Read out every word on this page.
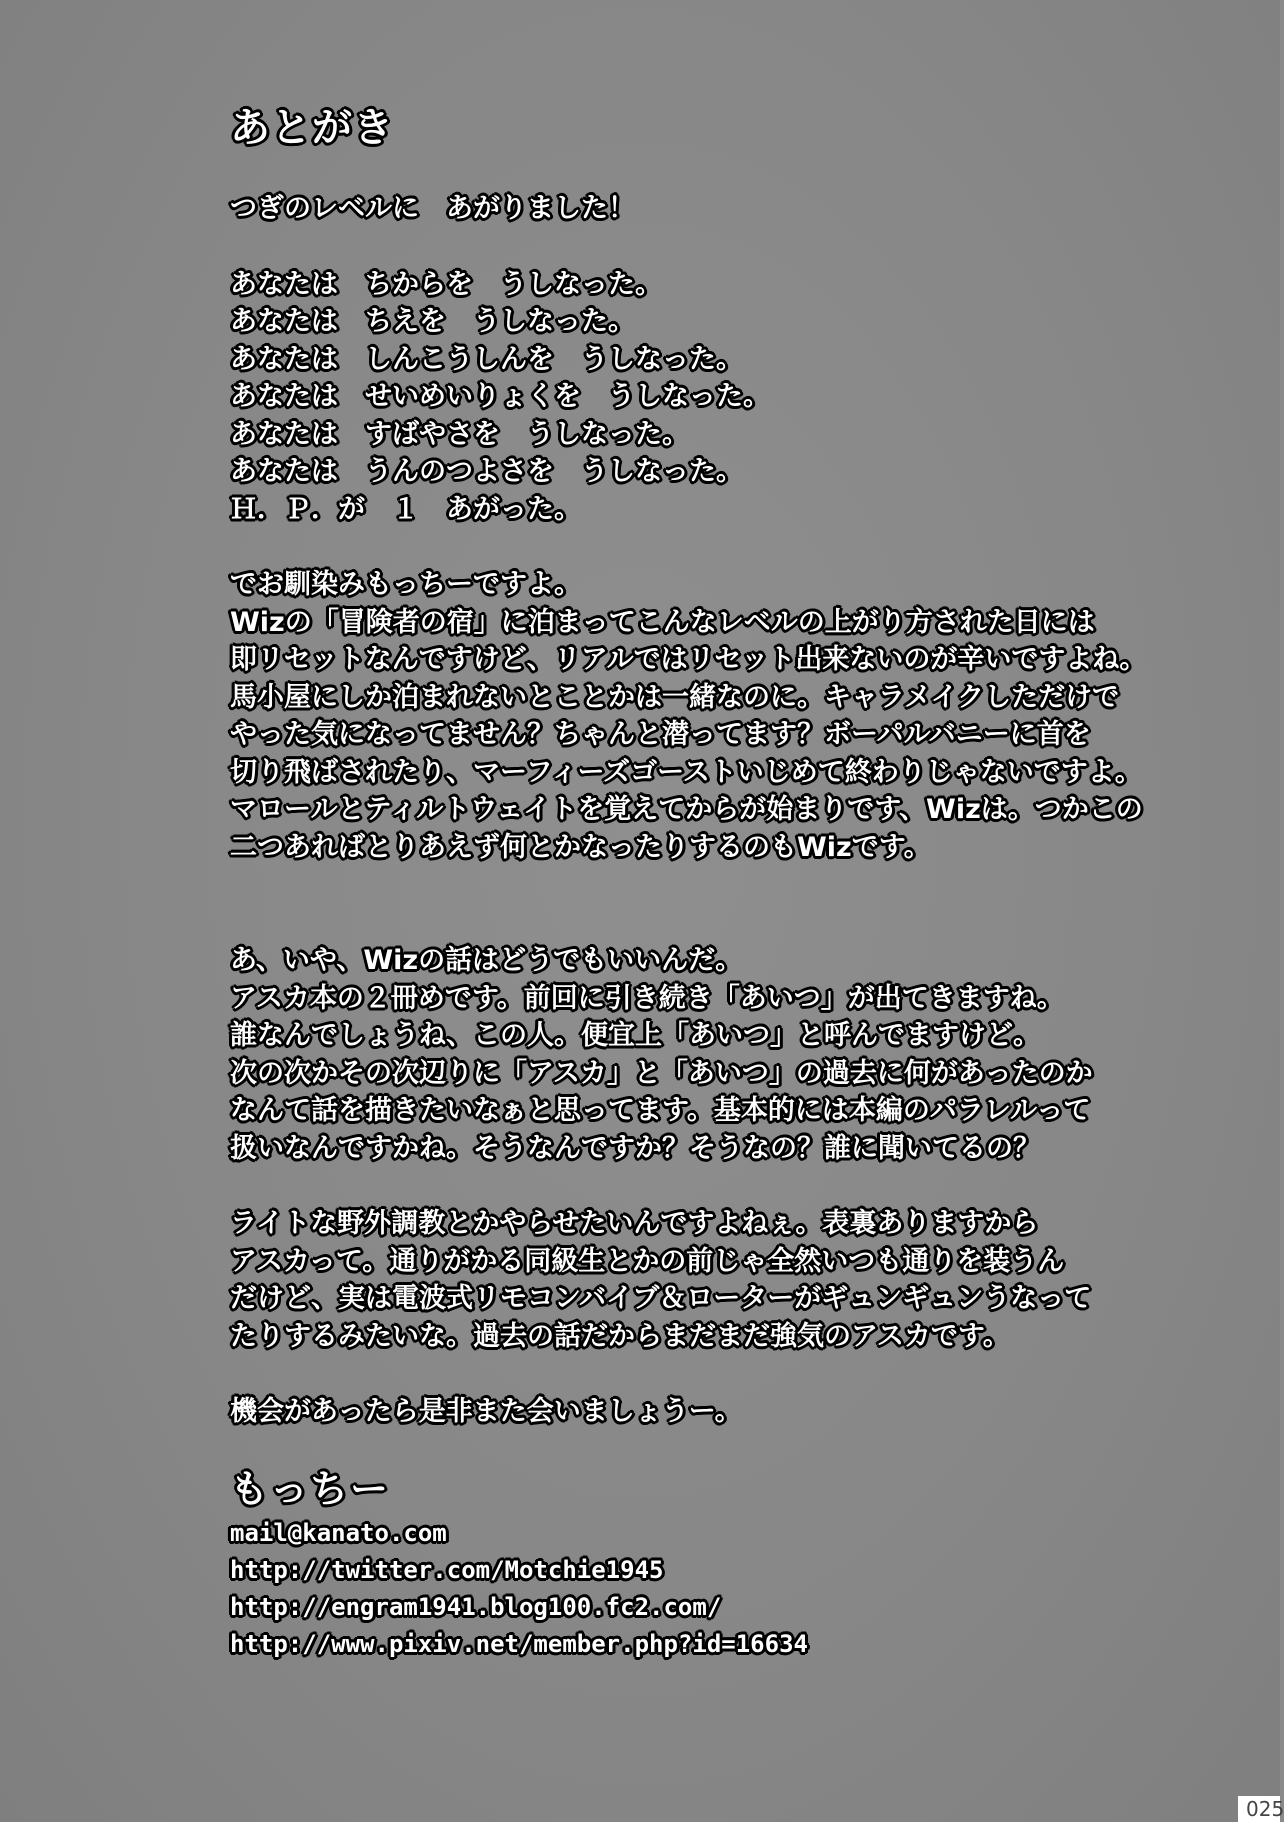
あとがき
つぎのレベルに　あがりました！
あなたは　ちからを　うしなった。
あなたは　ちえを　うしなった。
あなたは　しんこうしんを　うしなった。
あなたは　せいめいりょくを　うしなった。
あなたは　すばやさを　うしなった。
あなたは　うんのつよさを　うしなった。
Ｈ．Ｐ．が　１　あがった。
でお馴染みもっちーですよ。
Wizの「冒険者の宿」に泊まってこんなレベルの上がり方された日には
即リセットなんですけど、リアルではリセット出来ないのが辛いですよね。
馬小屋にしか泊まれないとことかは一緒なのに。キャラメイクしただけで
やった気になってません？ちゃんと潜ってます？ボーパルバニーに首を
切り飛ばされたり、マーフィーズゴーストいじめて終わりじゃないですよ。
マロールとティルトウェイトを覚えてからが始まりです、Wizは。つかこの
二つあればとりあえず何とかなったりするのもWizです。
あ、いや、Wizの話はどうでもいいんだ。
アスカ本の２冊めです。前回に引き続き「あいつ」が出てきますね。
誰なんでしょうね、この人。便宜上「あいつ」と呼んでますけど。
次の次かその次辺りに「アスカ」と「あいつ」の過去に何があったのか
なんて話を描きたいなぁと思ってます。基本的には本編のパラレルって
扱いなんですかね。そうなんですか？そうなの？誰に聞いてるの？
ライトな野外調教とかやらせたいんですよねぇ。表裏ありますから
アスカって。通りがかる同級生とかの前じゃ全然いつも通りを装うん
だけど、実は電波式リモコンバイブ＆ローターがギュンギュンうなって
たりするみたいな。過去の話だからまだまだ強気のアスカです。
機会があったら是非また会いましょうー。
もっちー
mail@kanato.com
http://twitter.com/Motchie1945
http://engram1941.blog100.fc2.com/
http://www.pixiv.net/member.php?id=16634
025
